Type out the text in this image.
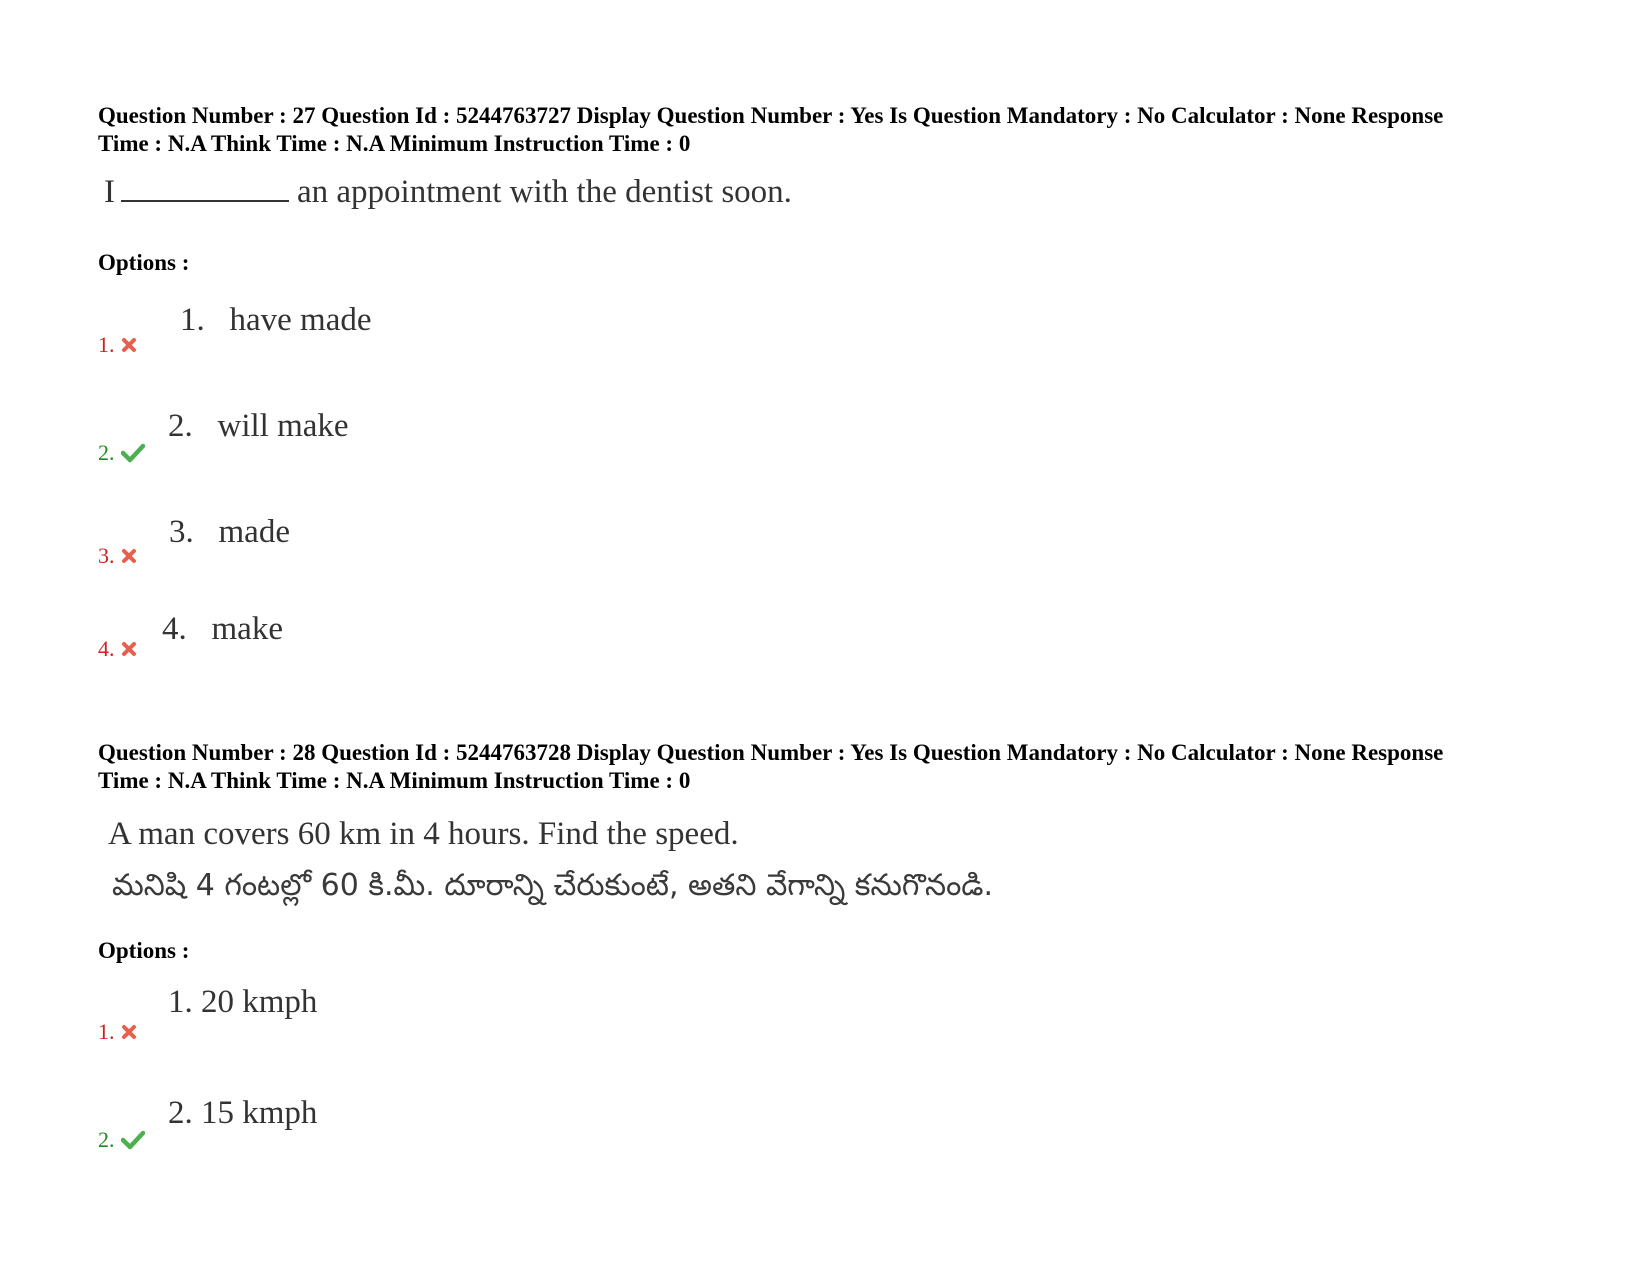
Question Number : 27 Question Id : 5244763727 Display Question Number : Yes Is Question Mandatory : No Calculator : None Response
Time : N.A Think Time : N.A Minimum Instruction Time : 0

I	an appointment with the dentist soon.

Options :

1.
1. have made
2.
2. will make
3.
3. made
4.
4. make

Question Number : 28 Question Id : 5244763728 Display Question Number : Yes Is Question Mandatory : No Calculator : None Response
Time : N.A Think Time : N.A Minimum Instruction Time : 0

A man covers 60 km in 4 hours. Find the speed.

మనిషి 4 గంటల్లో 60 కి.మీ. దూరాన్ని చేరుకుంటే, అతని వేగాన్ని కనుగొనండి.

Options :

1.
1. 20 kmph
2.
2. 15 kmph
